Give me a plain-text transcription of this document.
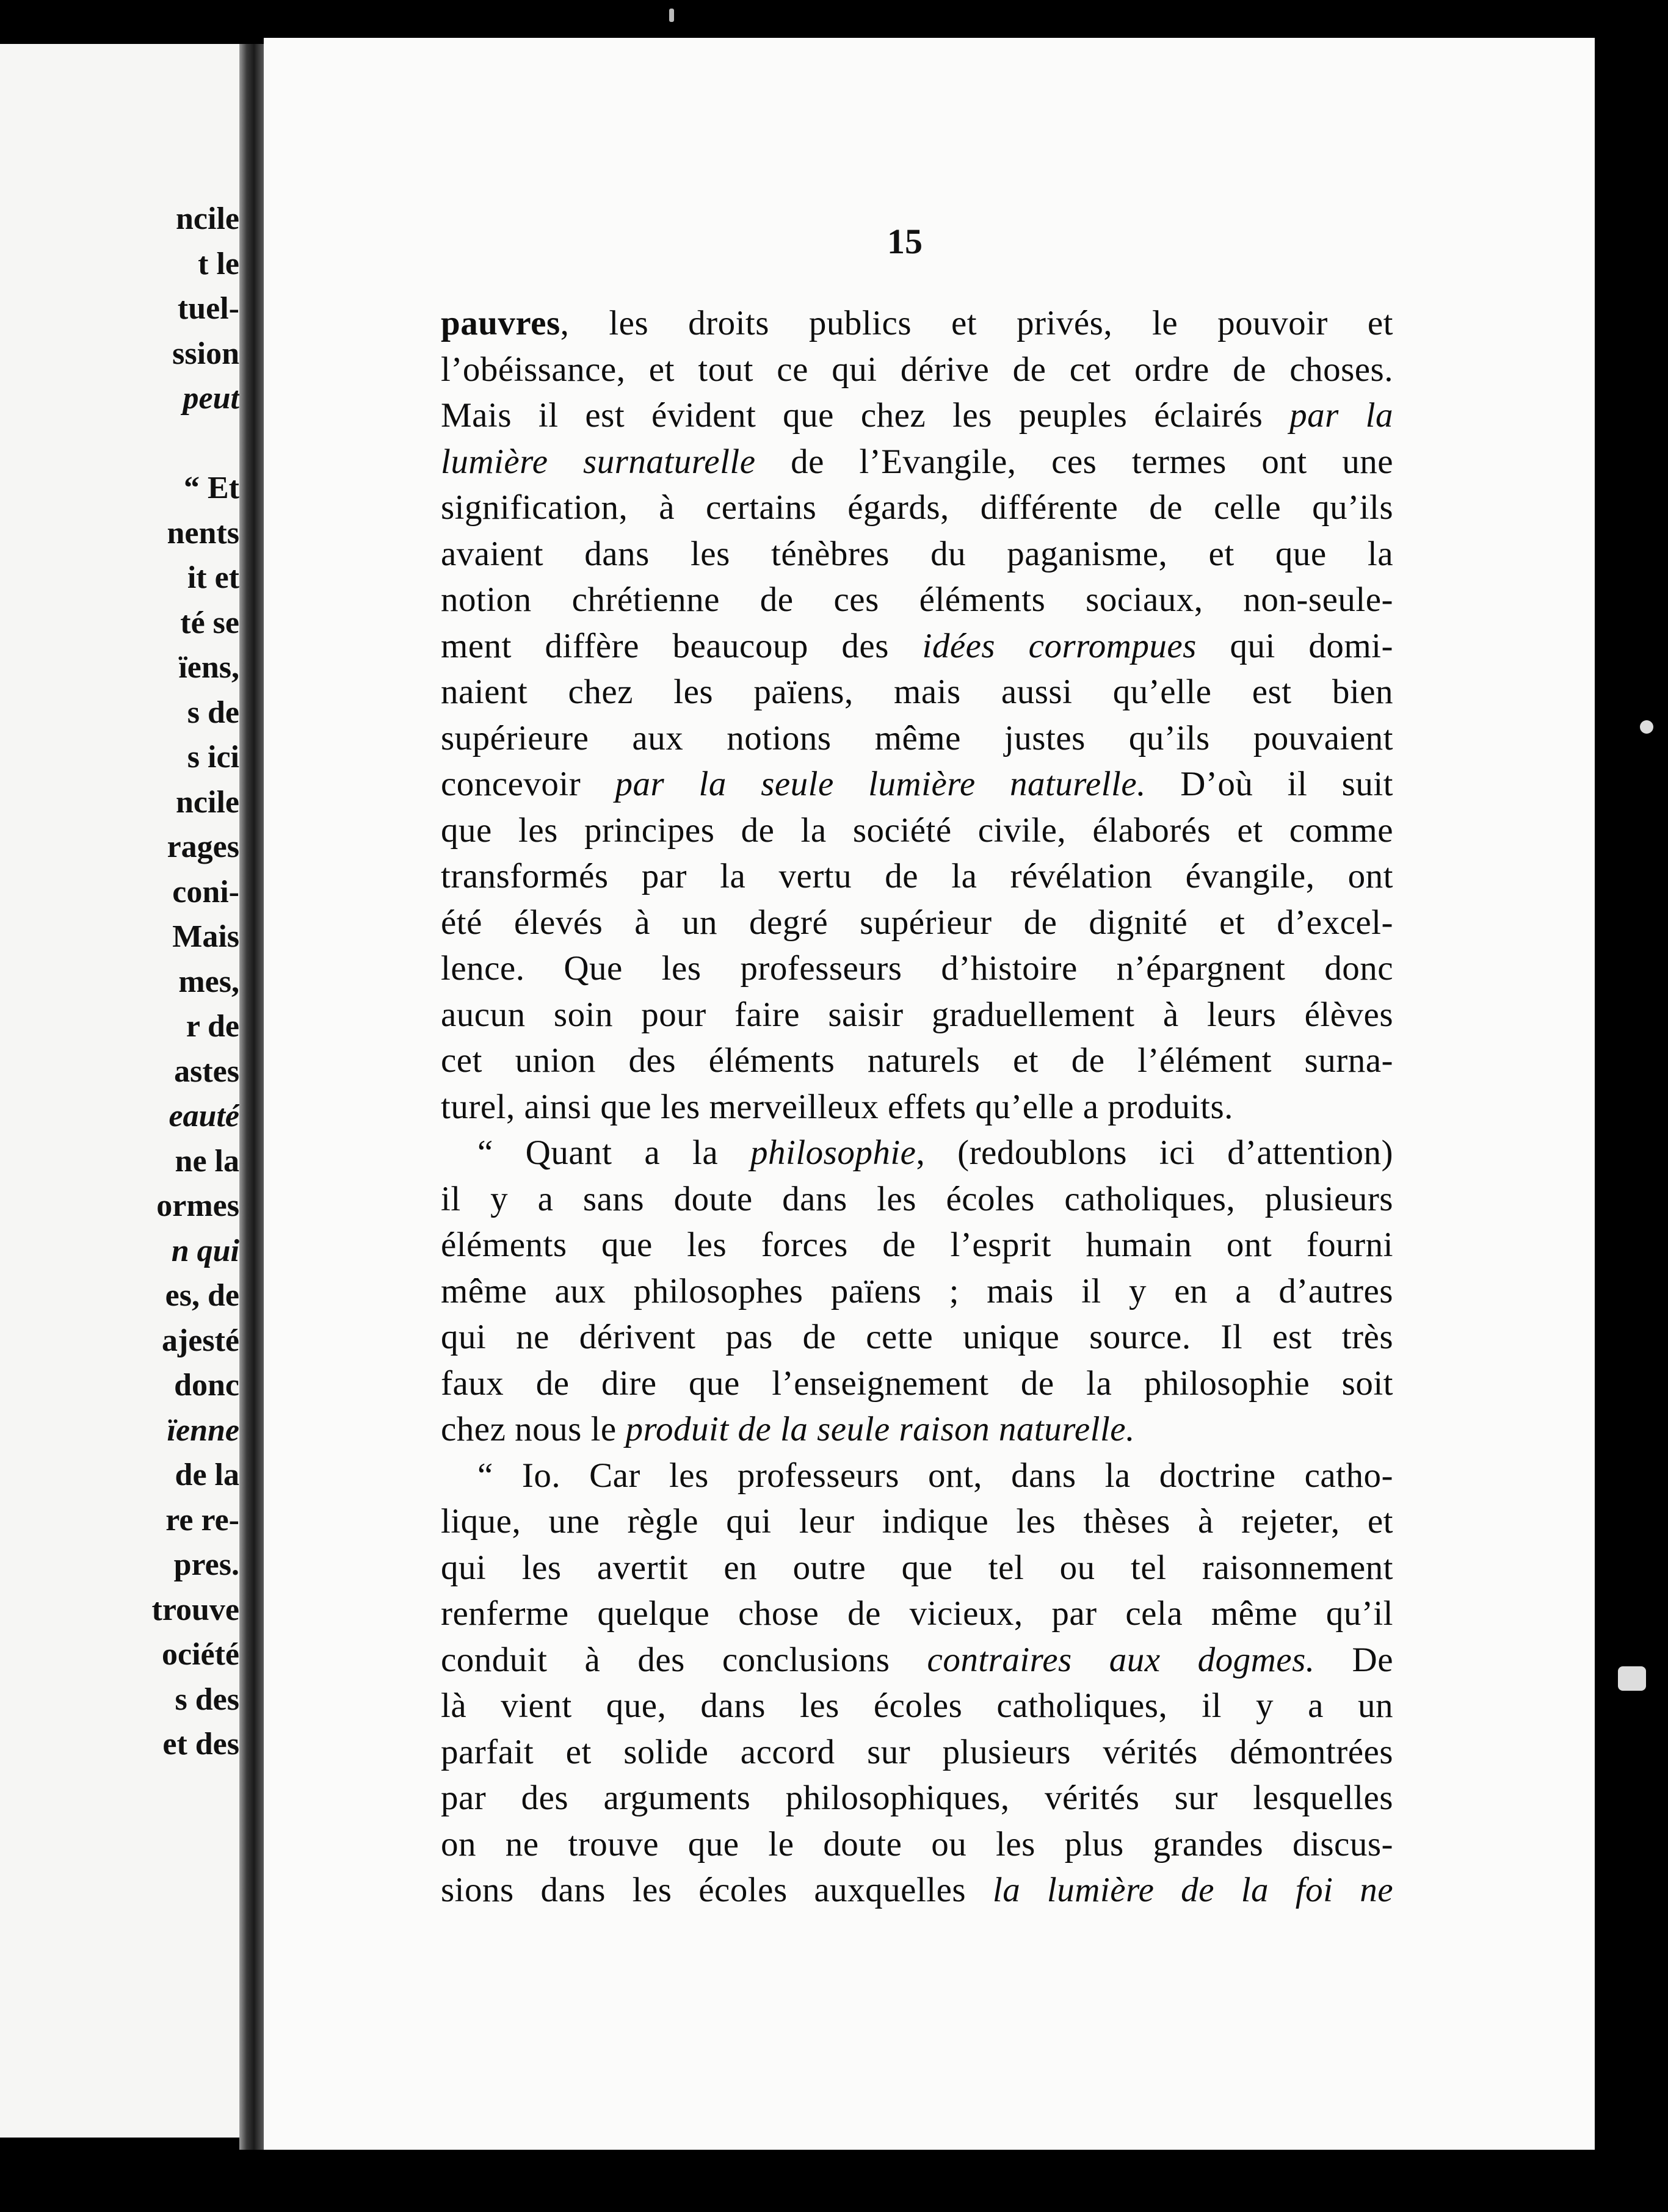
ncile
t le
tuel-
ssion
peut
“ Et
nents
it et
té se
ïens,
s de
s ici
ncile
rages
coni-
Mais
mes,
r de
astes
eauté
ne la
ormes
n qui
es, de
ajesté
donc
ïenne
de la
re re-
pres.
trouve
ociété
s des
et des
15
pauvres, les droits publics et privés, le pouvoir et
l’obéissance, et tout ce qui dérive de cet ordre de choses.
Mais il est évident que chez les peuples éclairés par la
lumière surnaturelle de l’Evangile, ces termes ont une
signification, à certains égards, différente de celle qu’ils
avaient dans les ténèbres du paganisme, et que la
notion chrétienne de ces éléments sociaux, non-seule-
ment diffère beaucoup des idées corrompues qui domi-
naient chez les païens, mais aussi qu’elle est bien
supérieure aux notions même justes qu’ils pouvaient
concevoir par la seule lumière naturelle. D’où il suit
que les principes de la société civile, élaborés et comme
transformés par la vertu de la révélation évangile, ont
été élevés à un degré supérieur de dignité et d’excel-
lence. Que les professeurs d’histoire n’épargnent donc
aucun soin pour faire saisir graduellement à leurs élèves
cet union des éléments naturels et de l’élément surna-
turel, ainsi que les merveilleux effets qu’elle a produits.
“ Quant a la philosophie, (redoublons ici d’attention)
il y a sans doute dans les écoles catholiques, plusieurs
éléments que les forces de l’esprit humain ont fourni
même aux philosophes païens ; mais il y en a d’autres
qui ne dérivent pas de cette unique source. Il est très
faux de dire que l’enseignement de la philosophie soit
chez nous le produit de la seule raison naturelle.
“ Io. Car les professeurs ont, dans la doctrine catho-
lique, une règle qui leur indique les thèses à rejeter, et
qui les avertit en outre que tel ou tel raisonnement
renferme quelque chose de vicieux, par cela même qu’il
conduit à des conclusions contraires aux dogmes. De
là vient que, dans les écoles catholiques, il y a un
parfait et solide accord sur plusieurs vérités démontrées
par des arguments philosophiques, vérités sur lesquelles
on ne trouve que le doute ou les plus grandes discus-
sions dans les écoles auxquelles la lumière de la foi ne
